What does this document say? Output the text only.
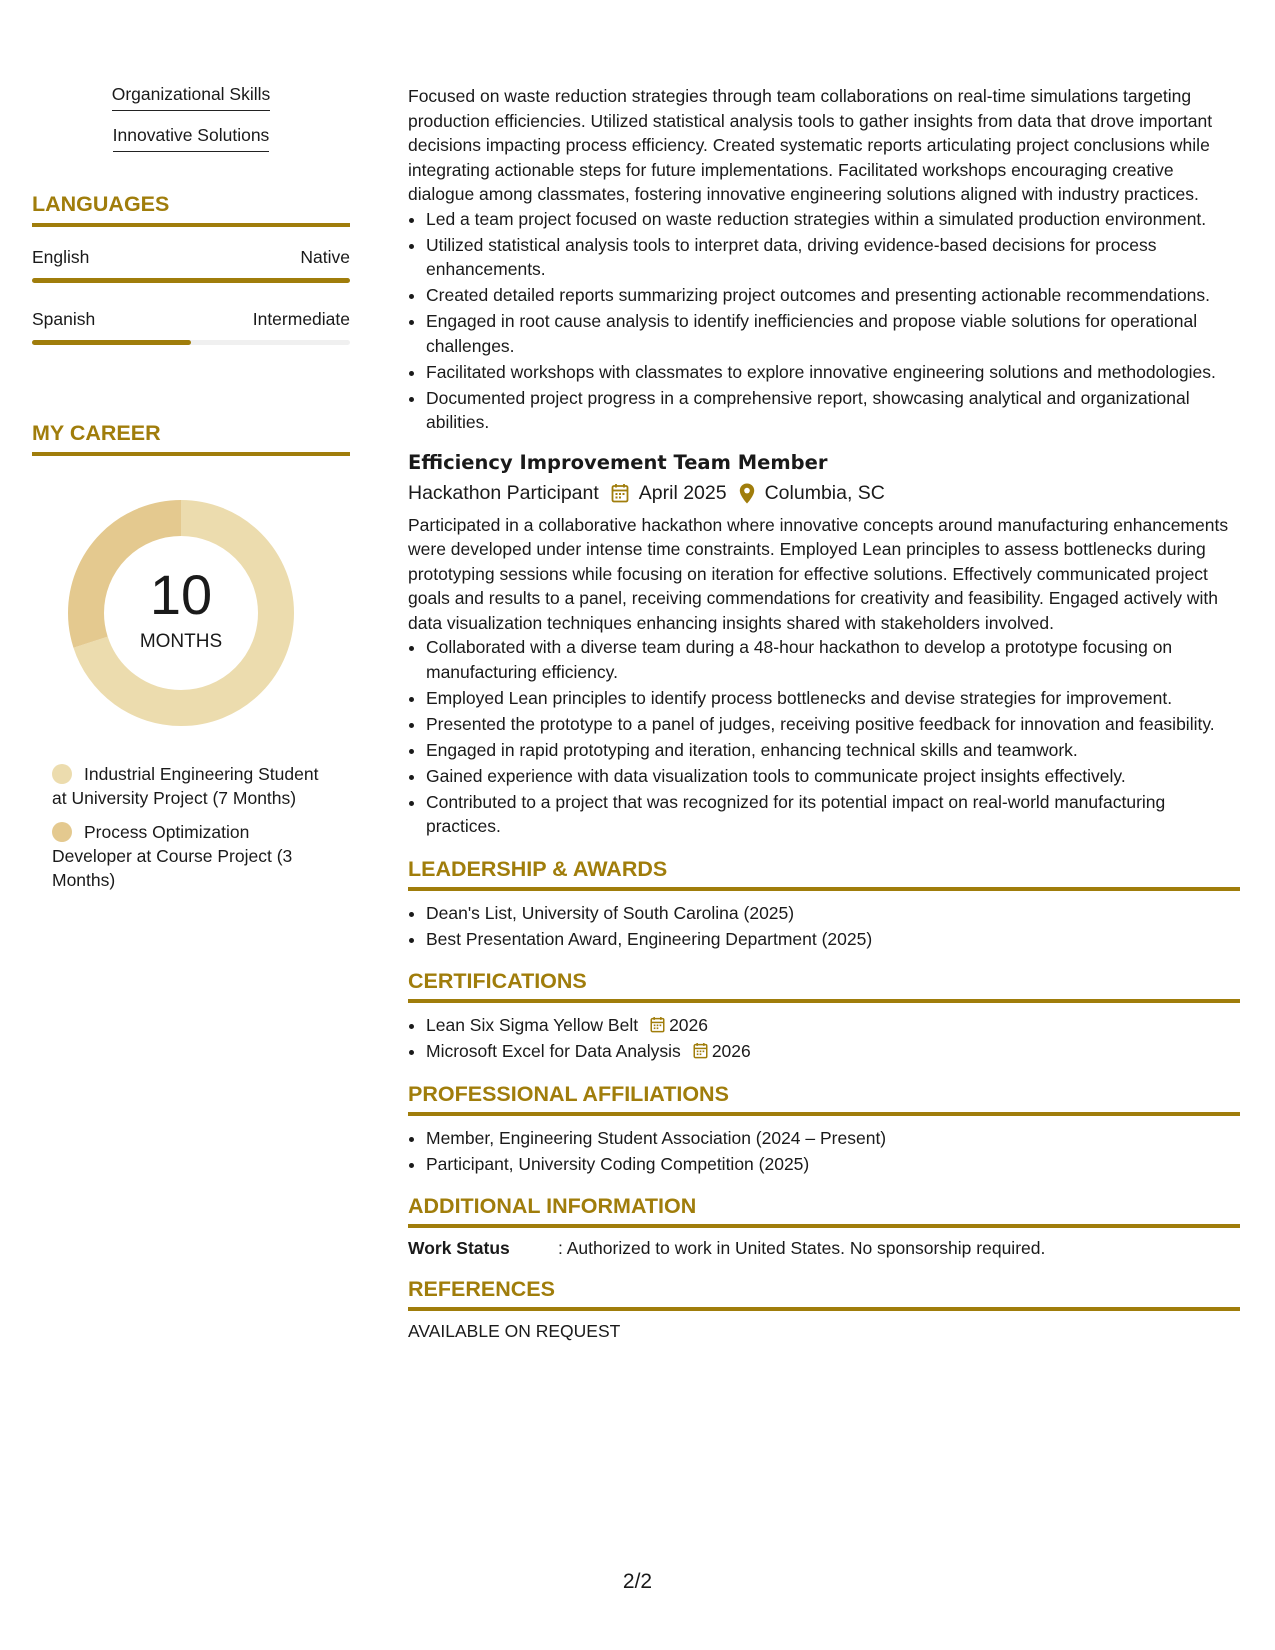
Organizational Skills
Innovative Solutions
LANGUAGES
English	Native
Spanish	Intermediate
MY CAREER
10
MONTHS
Industrial Engineering Student at University Project (7 Months)
Process Optimization Developer at Course Project (3 Months)

Focused on waste reduction strategies through team collaborations on real-time simulations targeting production efficiencies. Utilized statistical analysis tools to gather insights from data that drove important decisions impacting process efficiency. Created systematic reports articulating project conclusions while integrating actionable steps for future implementations. Facilitated workshops encouraging creative dialogue among classmates, fostering innovative engineering solutions aligned with industry practices.

• Led a team project focused on waste reduction strategies within a simulated production environment.
• Utilized statistical analysis tools to interpret data, driving evidence-based decisions for process enhancements.
• Created detailed reports summarizing project outcomes and presenting actionable recommendations.
• Engaged in root cause analysis to identify inefficiencies and propose viable solutions for operational challenges.
• Facilitated workshops with classmates to explore innovative engineering solutions and methodologies.
• Documented project progress in a comprehensive report, showcasing analytical and organizational abilities.
Efficiency Improvement Team Member
Hackathon Participant April 2025 Columbia, SC

Participated in a collaborative hackathon where innovative concepts around manufacturing enhancements were developed under intense time constraints. Employed Lean principles to assess bottlenecks during prototyping sessions while focusing on iteration for effective solutions. Effectively communicated project goals and results to a panel, receiving commendations for creativity and feasibility. Engaged actively with data visualization techniques enhancing insights shared with stakeholders involved.

• Collaborated with a diverse team during a 48-hour hackathon to develop a prototype focusing on manufacturing efficiency.
• Employed Lean principles to identify process bottlenecks and devise strategies for improvement.
• Presented the prototype to a panel of judges, receiving positive feedback for innovation and feasibility.
• Engaged in rapid prototyping and iteration, enhancing technical skills and teamwork.
• Gained experience with data visualization tools to communicate project insights effectively.
• Contributed to a project that was recognized for its potential impact on real-world manufacturing practices.
LEADERSHIP & AWARDS
• Dean's List, University of South Carolina (2025)
• Best Presentation Award, Engineering Department (2025)
CERTIFICATIONS
• Lean Six Sigma Yellow Belt 2026
• Microsoft Excel for Data Analysis 2026
PROFESSIONAL AFFILIATIONS
• Member, Engineering Student Association (2024 – Present)
• Participant, University Coding Competition (2025)
ADDITIONAL INFORMATION
Work Status	: Authorized to work in United States. No sponsorship required.
REFERENCES
AVAILABLE ON REQUEST
2/2
